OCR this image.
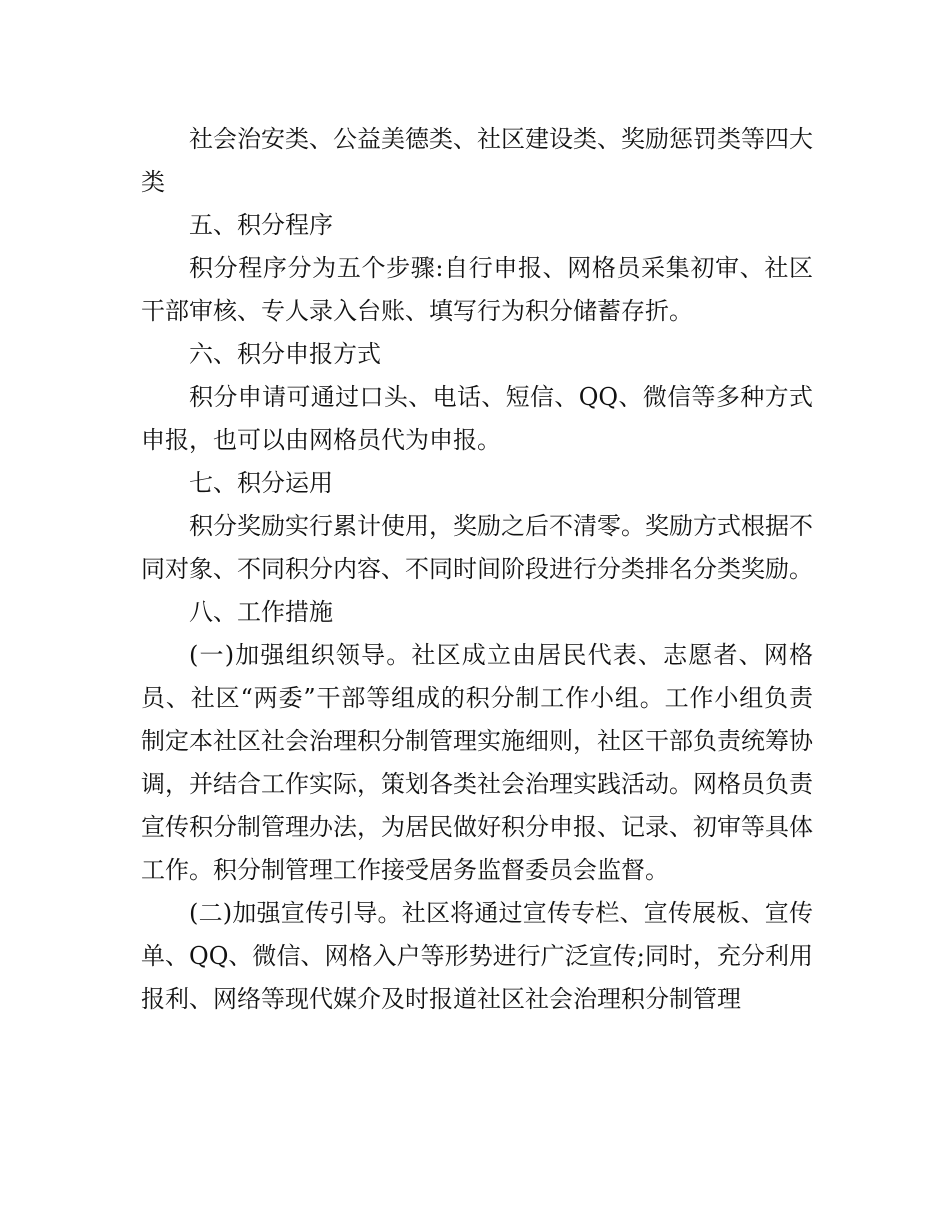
社会治安类、公益美德类、社区建设类、奖励惩罚类等四大类

五、积分程序

积分程序分为五个步骤:自行申报、网格员采集初审、社区干部审核、专人录入台账、填写行为积分储蓄存折。

六、积分申报方式

积分申请可通过口头、电话、短信、QQ、微信等多种方式申报，也可以由网格员代为申报。

七、积分运用

积分奖励实行累计使用，奖励之后不清零。奖励方式根据不同对象、不同积分内容、不同时间阶段进行分类排名分类奖励。

八、工作措施

(一)加强组织领导。社区成立由居民代表、志愿者、网格员、社区“两委”干部等组成的积分制工作小组。工作小组负责制定本社区社会治理积分制管理实施细则，社区干部负责统筹协调，并结合工作实际，策划各类社会治理实践活动。网格员负责宣传积分制管理办法，为居民做好积分申报、记录、初审等具体工作。积分制管理工作接受居务监督委员会监督。

(二)加强宣传引导。社区将通过宣传专栏、宣传展板、宣传单、QQ、微信、网格入户等形势进行广泛宣传;同时，充分利用报利、网络等现代媒介及时报道社区社会治理积分制管理
